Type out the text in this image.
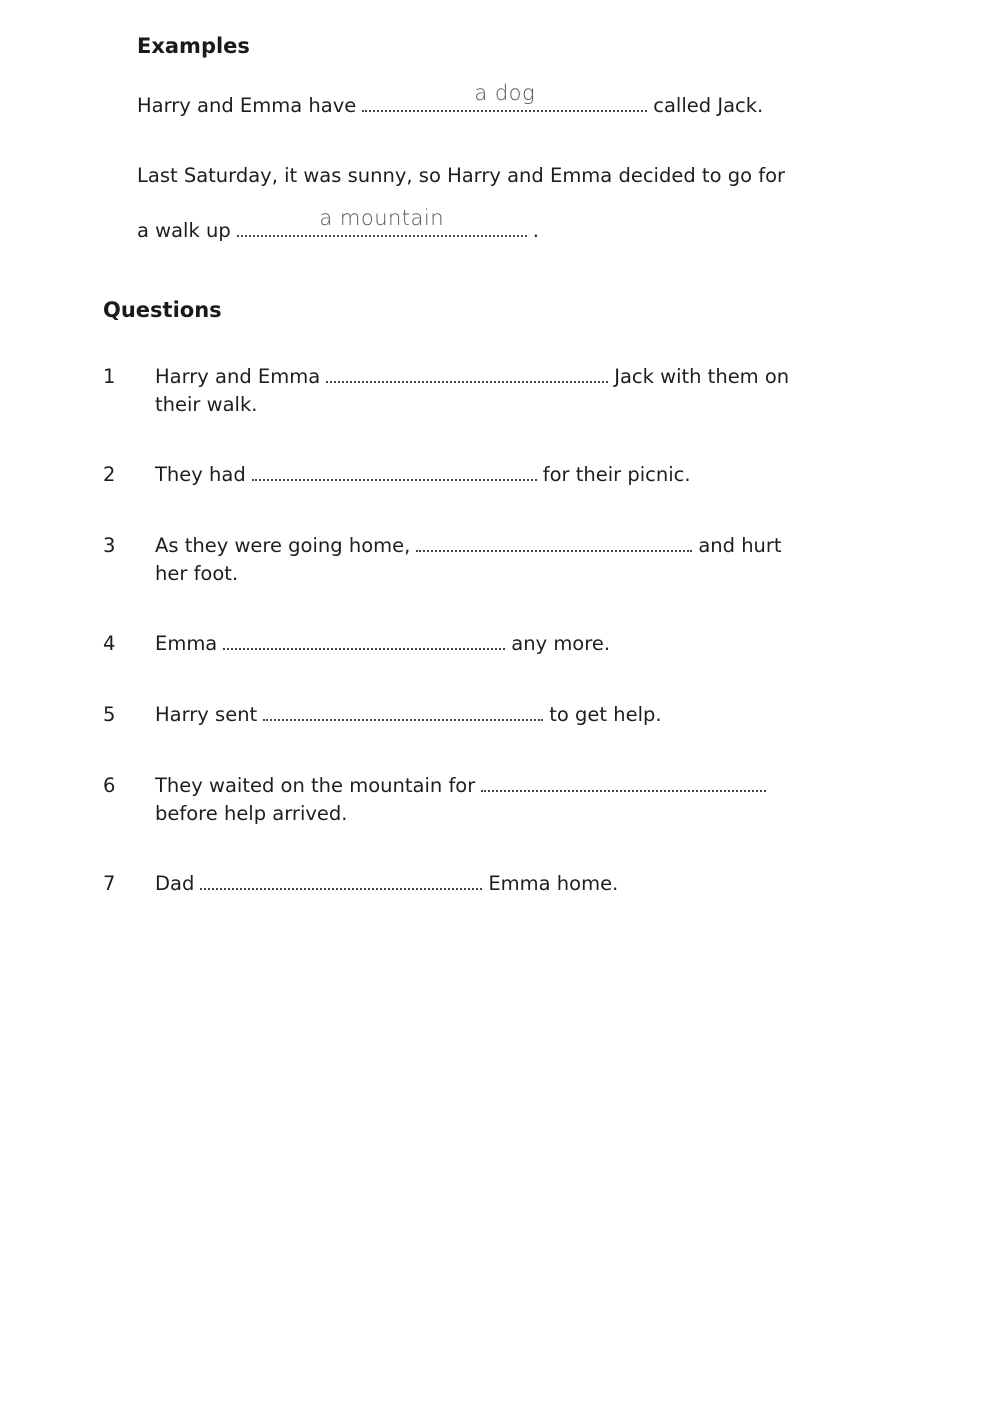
Examples
Harry and Emma have
a dog
called Jack.
Last Saturday, it was sunny, so Harry and Emma decided to go for
a walk up
a mountain
.
Questions
1 Harry and Emma	Jack with them on
their walk.
2 They had	for their picnic.
3 As they were going home,	and hurt
her foot.
4 Emma	any more.
5 Harry sent	to get help.
6 They waited on the mountain for
before help arrived.
7 Dad	Emma home.
